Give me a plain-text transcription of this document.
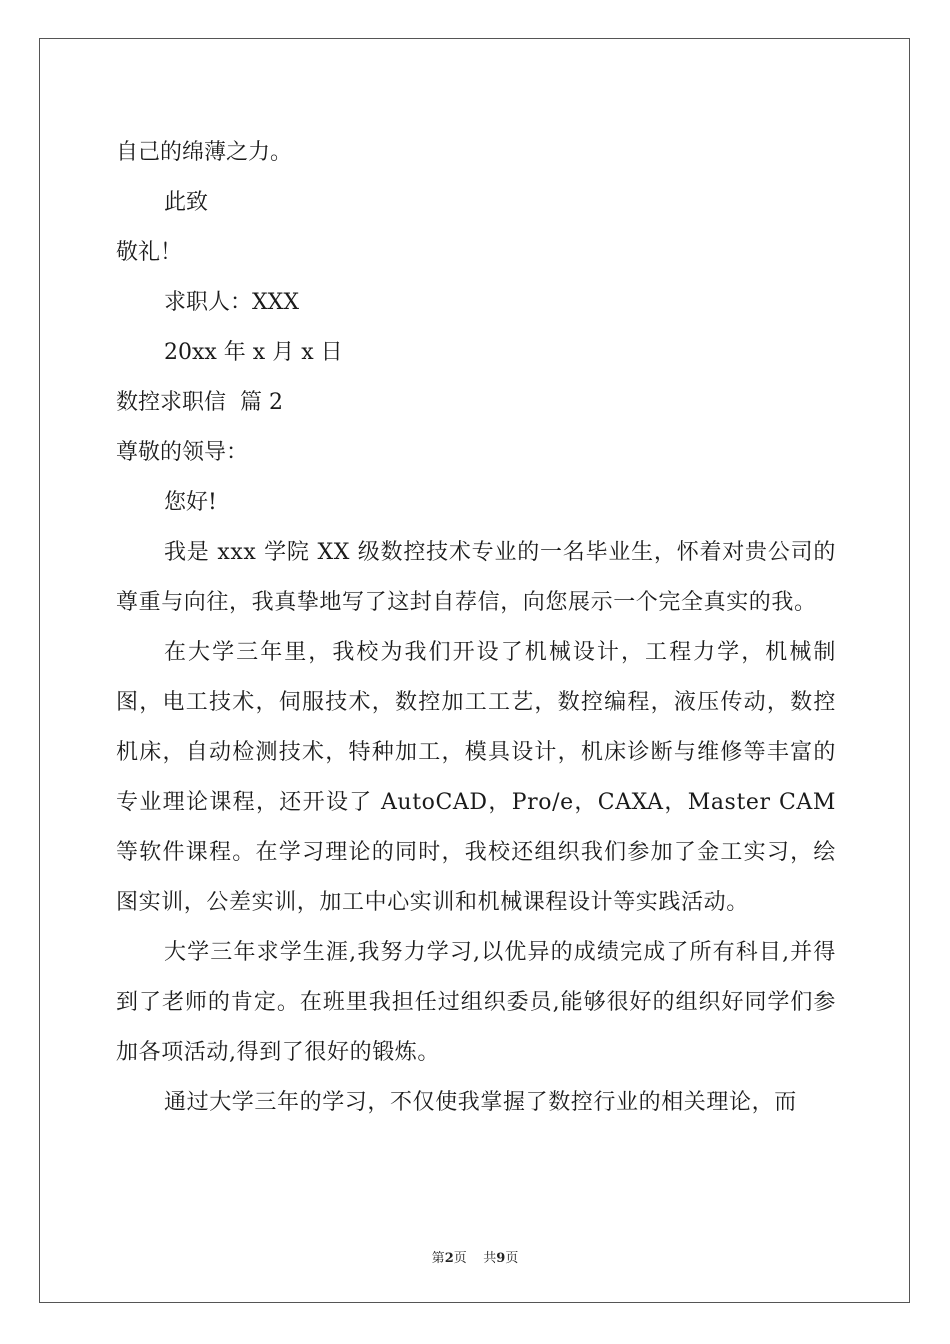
自己的绵薄之力。

此致

敬礼！

求职人：XXX

20xx 年 x 月 x 日

数控求职信  篇 2

尊敬的领导：

您好!

我是 xxx 学院 XX 级数控技术专业的一名毕业生，怀着对贵公司的尊重与向往，我真挚地写了这封自荐信，向您展示一个完全真实的我。

在大学三年里，我校为我们开设了机械设计，工程力学，机械制图，电工技术，伺服技术，数控加工工艺，数控编程，液压传动，数控机床，自动检测技术，特种加工，模具设计，机床诊断与维修等丰富的专业理论课程，还开设了 AutoCAD，Pro/e，CAXA，Master CAM 等软件课程。在学习理论的同时，我校还组织我们参加了金工实习，绘图实训，公差实训，加工中心实训和机械课程设计等实践活动。

大学三年求学生涯,我努力学习,以优异的成绩完成了所有科目,并得到了老师的肯定。在班里我担任过组织委员,能够很好的组织好同学们参加各项活动,得到了很好的锻炼。

通过大学三年的学习，不仅使我掌握了数控行业的相关理论，而

第2页    共9页
